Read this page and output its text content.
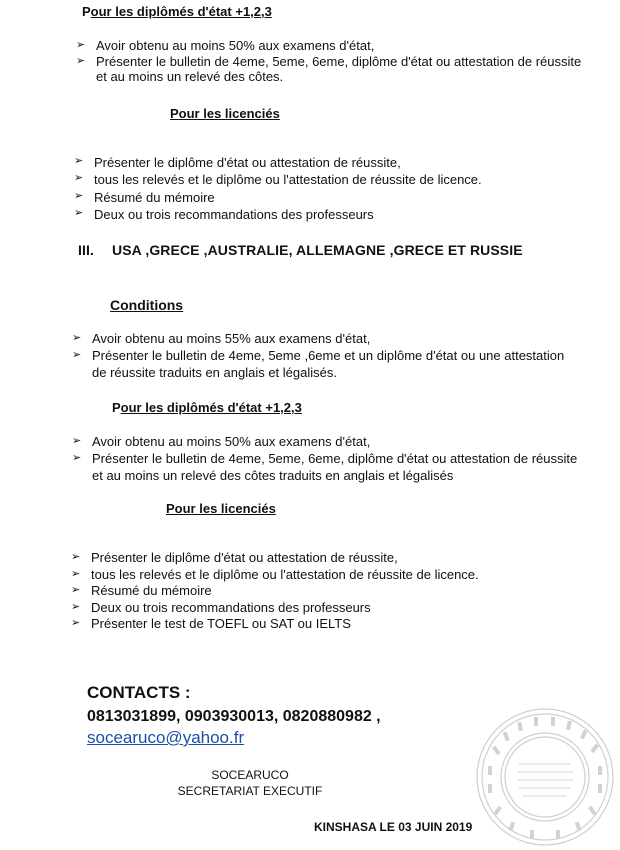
Pour les diplômés d'état +1,2,3
➢ Avoir obtenu au moins 50% aux examens d'état,
➢ Présenter le bulletin de 4eme, 5eme, 6eme, diplôme d'état ou attestation de réussite
et au moins un relevé des côtes.
Pour les licenciés
➢ Présenter le diplôme d'état ou attestation de réussite,
➢ tous les relevés et le diplôme ou l'attestation de réussite de licence.
➢ Résumé du mémoire
➢ Deux ou trois recommandations des professeurs
III. USA ,GRECE ,AUSTRALIE, ALLEMAGNE ,GRECE ET RUSSIE
Conditions
➢ Avoir obtenu au moins 55% aux examens d'état,
➢ Présenter le bulletin de 4eme, 5eme ,6eme et un diplôme d'état ou une attestation
de réussite traduits en anglais et légalisés.
Pour les diplômés d'état +1,2,3
➢ Avoir obtenu au moins 50% aux examens d'état,
➢ Présenter le bulletin de 4eme, 5eme, 6eme, diplôme d'état ou attestation de réussite
et au moins un relevé des côtes traduits en anglais et légalisés
Pour les licenciés
➢ Présenter le diplôme d'état ou attestation de réussite,
➢ tous les relevés et le diplôme ou l'attestation de réussite de licence.
➢ Résumé du mémoire
➢ Deux ou trois recommandations des professeurs
➢ Présenter le test de TOEFL ou SAT ou IELTS
CONTACTS :
0813031899, 0903930013, 0820880982 ,
socearuco@yahoo.fr
SOCEARUCO
SECRETARIAT EXECUTIF
KINSHASA LE 03 JUIN 2019
